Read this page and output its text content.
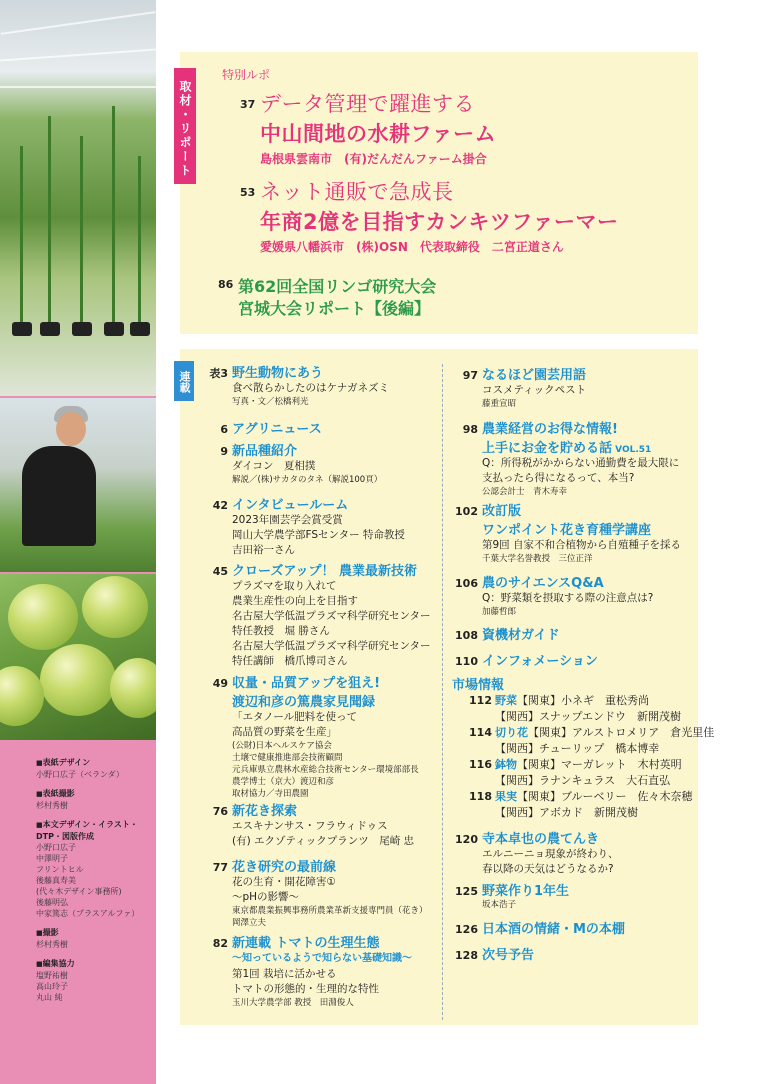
■ 表紙デザイン
小野口広子（ベランダ）
■ 表紙撮影
杉村秀樹
■ 本文デザイン・イラスト・DTP・図版作成
小野口広子
中澤明子
フリントヒル
後藤真寿美
(代々木デザイン事務所)
後藤明弘
中家篤志（プラスアルファ）
■ 撮影
杉村秀樹
■ 編集協力
塩野祐樹
高山玲子
丸山 純
取材・リポート
特別ルポ
37 データ管理で躍進する
中山間地の水耕ファーム
島根県雲南市　(有)だんだんファーム掛合
53 ネット通販で急成長
年商2億を目指すカンキツファーマー
愛媛県八幡浜市　(株)OSN　代表取締役　二宮正道さん
86 第62回全国リンゴ研究大会
宮城大会リポート【後編】
連載	表3 野生動物にあう
食べ散らかしたのはケナガネズミ
写真・文／松橋利光
6 アグリニュース
9 新品種紹介
ダイコン　夏相撲
解説／(株)サカタのタネ（解説100頁）
42 インタビュールーム
2023年園芸学会賞受賞
岡山大学農学部FSセンター 特命教授
吉田裕一さん
45 クローズアップ！ 農業最新技術
プラズマを取り入れて
農業生産性の向上を目指す
名古屋大学低温プラズマ科学研究センター
特任教授　堀 勝さん
名古屋大学低温プラズマ科学研究センター
特任講師　橋爪博司さん
49 収量・品質アップを狙え!
渡辺和彦の篤農家見聞録
「エタノール肥料を使って
高品質の野菜を生産」
(公財)日本ヘルスケア協会
土壌で健康推進部会技術顧問
元兵庫県立農林水産総合技術センター環境部部長
農学博士（京大）渡辺和彦
取材協力／寺田農園
76 新花き探索
エスキナンサス・フラウィドゥス
(有) エクゾティックプランツ　尾崎 忠
77 花き研究の最前線
花の生育・開花障害①
～pHの影響～
東京都農業振興事務所農業革新支援専門員（花き）
岡澤立夫
82 新連載 トマトの生理生態
～知っているようで知らない基礎知識～
第1回 栽培に活かせる
トマトの形態的・生理的な特性
玉川大学農学部 教授　田淵俊人
97 なるほど園芸用語
コスメティックペスト
藤重宣昭
98 農業経営のお得な情報!
上手にお金を貯める話 VOL.51
Q：所得税がかからない通勤費を最大限に
支払ったら得になるって、本当?
公認会計士　青木寿幸
102 改訂版
ワンポイント花き育種学講座
第9回 自家不和合植物から自殖種子を採る
千葉大学名誉教授　三位正洋
106 農のサイエンスQ&A
Q：野菜類を摂取する際の注意点は?
加藤哲郎
108 資機材ガイド
110 インフォメーション
120 寺本卓也の農てんき
エルニーニョ現象が終わり、
春以降の天気はどうなるか?
125 野菜作り1年生
坂本浩子
126 日本酒の情緒・Mの本棚
128 次号予告
市場情報
112 野菜【関東】小ネギ　重松秀尚
【関西】スナップエンドウ　新開茂樹
114 切り花【関東】アルストロメリア　倉光里佳
【関西】チューリップ　橋本博幸
116 鉢物【関東】マーガレット　木村英明
【関西】ラナンキュラス　大石直弘
118 果実【関東】ブルーベリー　佐々木奈穂
【関西】アボカド　新開茂樹
